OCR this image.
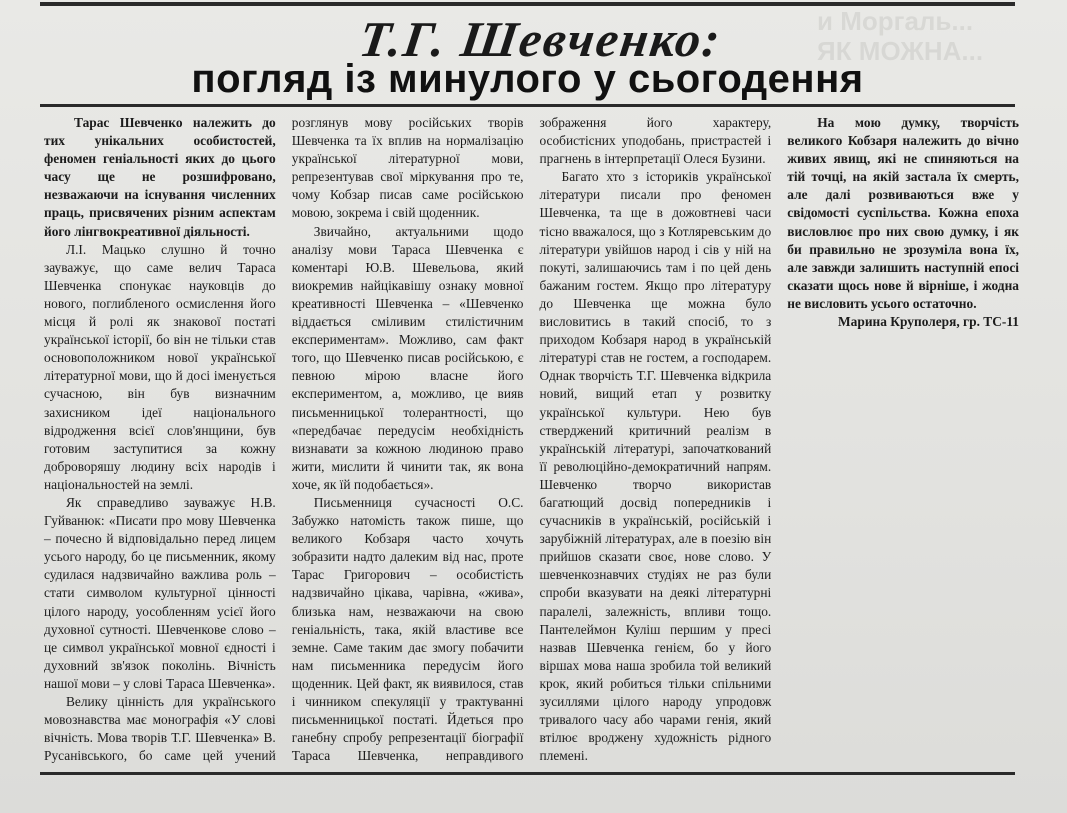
и Моргаль...
ЯК МОЖНА...

Т.Г. Шевченко:
погляд із минулого у сьогодення

Тарас Шевченко належить до тих унікальних особистостей, феномен геніальності яких до цього часу ще не розшифровано, незважаючи на існування численних праць, присвячених різним аспектам його лінгвокреативної діяльності.

Л.І. Мацько слушно й точно зауважує, що саме велич Тараса Шевченка спонукає науковців до нового, поглибленого осмислення його місця й ролі як знакової постаті української історії, бо він не тільки став основоположником нової української літературної мови, що й досі іменується сучасною, він був визначним захисником ідеї національного відродження всієї слов'янщини, був готовим заступитися за кожну доброворяшу людину всіх народів і національностей на землі.

Як справедливо зауважує Н.В. Гуйванюк: «Писати про мову Шевченка – почесно й відповідально перед лицем усього народу, бо це письменник, якому судилася надзвичайно важлива роль – стати символом культурної цінності цілого народу, уособленням усієї його духовної сутності. Шевченкове слово – це символ української мовної єдності і духовний зв'язок поколінь. Вічність нашої мови – у слові Тараса Шевченка».

Велику цінність для українського мовознавства має монографія «У слові вічність. Мова творів Т.Г. Шевченка» В. Русанівського, бо саме цей учений розглянув мову російських творів Шевченка та їх вплив на нормалізацію української літературної мови, репрезентував свої міркування про те, чому Кобзар писав саме російською мовою, зокрема і свій щоденник.

Звичайно, актуальними щодо аналізу мови Тараса Шевченка є коментарі Ю.В. Шевельова, який виокремив найцікавішу ознаку мовної креативності Шевченка – «Шевченко віддається сміливим стилістичним експериментам». Можливо, сам факт того, що Шевченко писав російською, є певною мірою власне його експериментом, а, можливо, це вияв письменницької толерантності, що «передбачає передусім необхідність визнавати за кожною людиною право жити, мислити й чинити так, як вона хоче, як їй подобається».

Письменниця сучасності О.С. Забужко натомість також пише, що великого Кобзаря часто хочуть зобразити надто далеким від нас, проте Тарас Григорович – особистість надзвичайно цікава, чарівна, «жива», близька нам, незважаючи на свою геніальність, така, якій властиве все земне. Саме таким дає змогу побачити нам письменника передусім його щоденник. Цей факт, як виявилося, став і чинником спекуляції у трактуванні письменницької постаті. Йдеться про ганебну спробу репрезентації біографії Тараса Шевченка, неправдивого зображення його характеру, особистісних уподобань, пристрастей і прагнень в інтерпретації Олеся Бузини.

Багато хто з істориків української літератури писали про феномен Шевченка, та ще в дожовтневі часи тісно вважалося, що з Котляревським до літератури увійшов народ і сів у ній на покуті, залишаючись там і по цей день бажаним гостем. Якщо про літературу до Шевченка ще можна було висловитись в такий спосіб, то з приходом Кобзаря народ в українській літературі став не гостем, а господарем. Однак творчість Т.Г. Шевченка відкрила новий, вищий етап у розвитку української культури. Нею був стверджений критичний реалізм в українській літературі, започаткований її революційно-демократичний напрям. Шевченко творчо використав багатющий досвід попередників і сучасників в українській, російській і зарубіжній літературах, але в поезію він прийшов сказати своє, нове слово. У шевченкознавчих студіях не раз були спроби вказувати на деякі літературні паралелі, залежність, впливи тощо. Пантелеймон Куліш першим у пресі назвав Шевченка генієм, бо у його віршах мова наша зробила той великий крок, який робиться тільки спільними зусиллями цілого народу упродовж тривалого часу або чарами генія, який втілює вроджену художність рідного племені.

На мою думку, творчість великого Кобзаря належить до вічно живих явищ, які не спиняються на тій точці, на якій застала їх смерть, але далі розвиваються вже у свідомості суспільства. Кожна епоха висловлює про них свою думку, і як би правильно не зрозуміла вона їх, але завжди залишить наступній епосі сказати щось нове й вірніше, і жодна не висловить усього остаточно.

Марина Круполеря, гр. ТС-11
